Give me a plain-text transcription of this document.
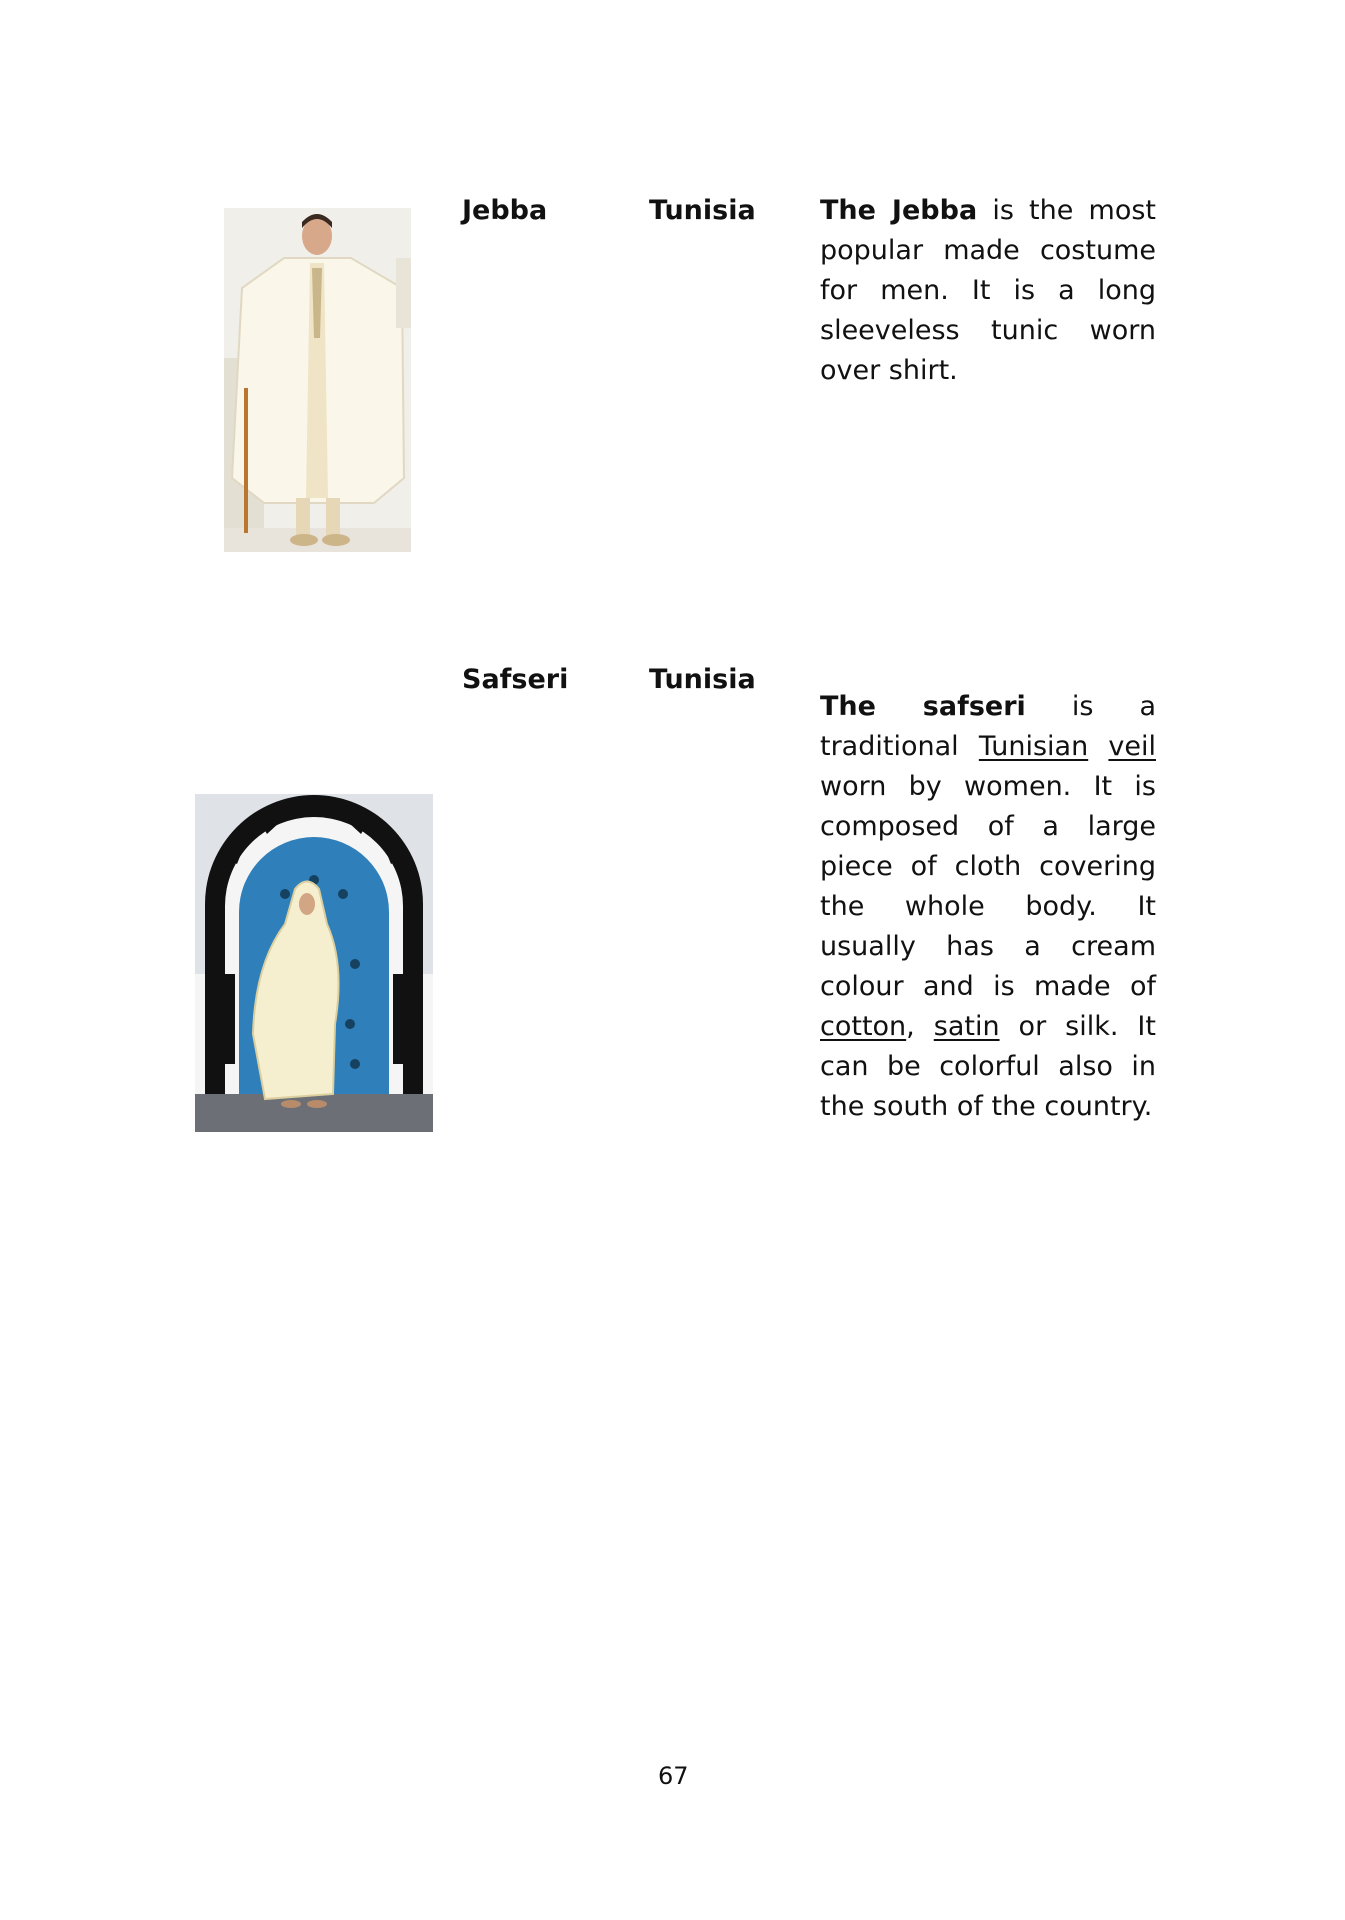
Jebba	Tunisia The Jebba is the most popular made costume for men. It is a long sleeveless tunic worn over shirt.
Safseri	Tunisia
The safseri is a traditional Tunisian veil worn by women. It is composed of a large piece of cloth covering the whole body. It usually has a cream colour and is made of cotton, satin or silk. It can be colorful also in the south of the country.
67
